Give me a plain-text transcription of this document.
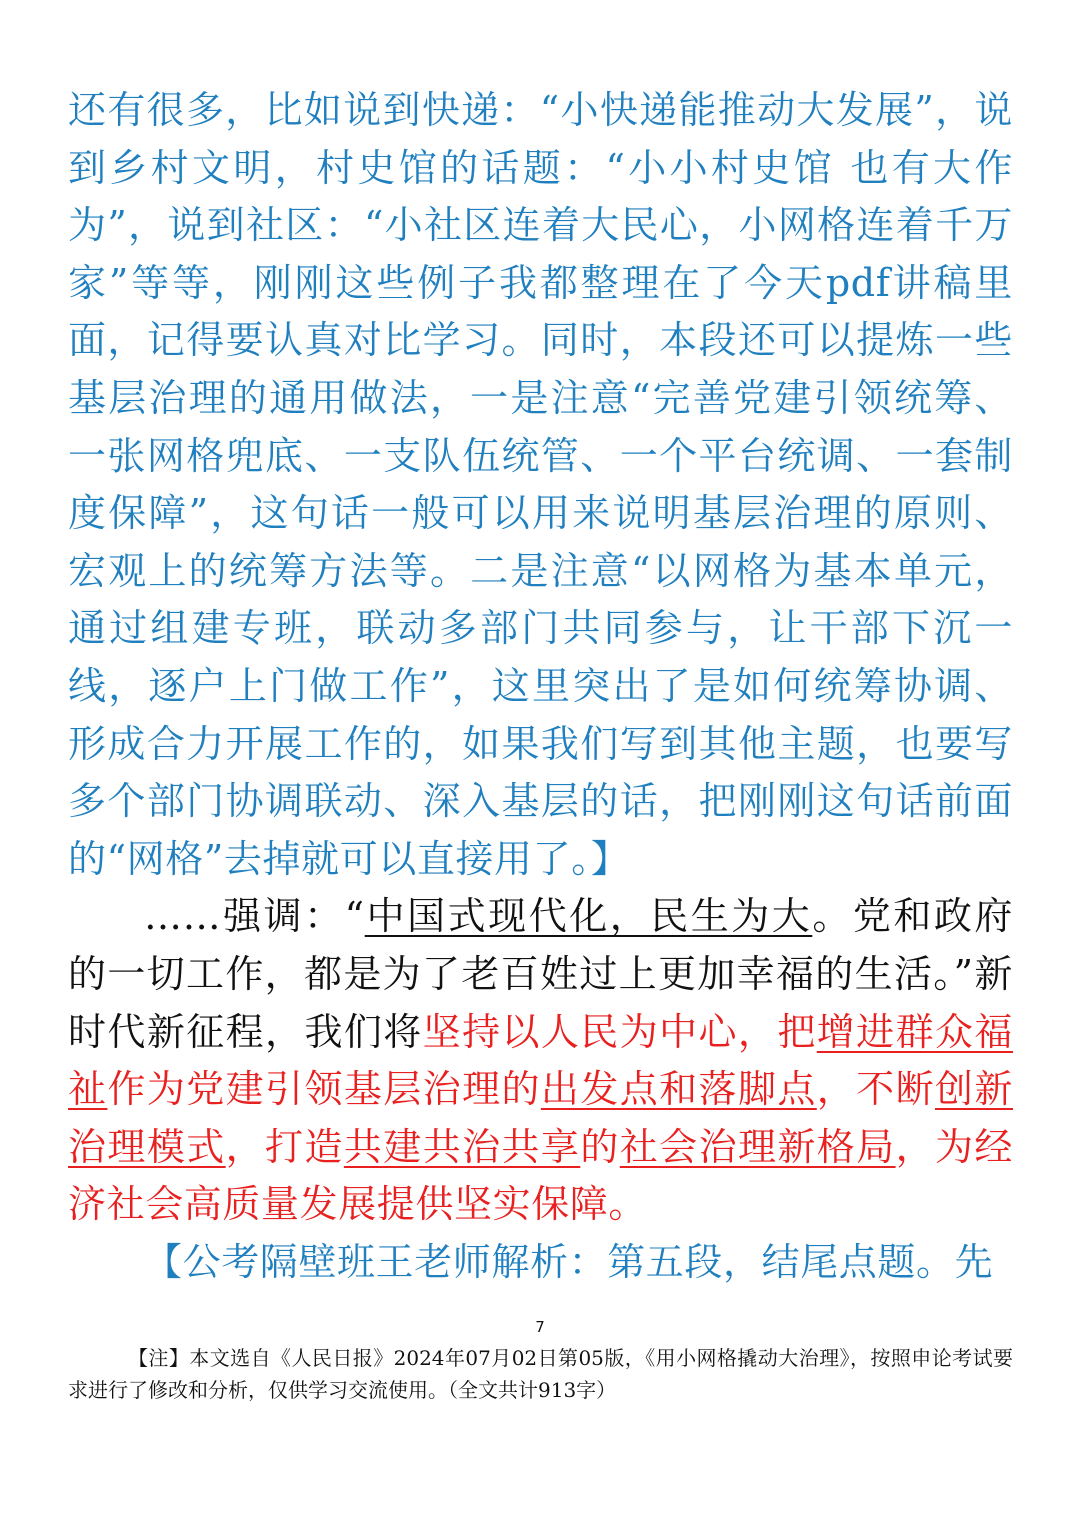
还有很多，比如说到快递：“小快递能推动大发展”，说到乡村文明，村史馆的话题：“小小村史馆 也有大作为”，说到社区：“小社区连着大民心，小网格连着千万家”等等，刚刚这些例子我都整理在了今天pdf讲稿里面，记得要认真对比学习。同时，本段还可以提炼一些基层治理的通用做法，一是注意“完善党建引领统筹、一张网格兜底、一支队伍统管、一个平台统调、一套制度保障”，这句话一般可以用来说明基层治理的原则、宏观上的统筹方法等。二是注意“以网格为基本单元，通过组建专班，联动多部门共同参与，让干部下沉一线，逐户上门做工作”，这里突出了是如何统筹协调、形成合力开展工作的，如果我们写到其他主题，也要写多个部门协调联动、深入基层的话，把刚刚这句话前面的“网格”去掉就可以直接用了。】

……强调：“中国式现代化，民生为大。党和政府的一切工作，都是为了老百姓过上更加幸福的生活。”新时代新征程，我们将坚持以人民为中心，把增进群众福祉作为党建引领基层治理的出发点和落脚点，不断创新治理模式，打造共建共治共享的社会治理新格局，为经济社会高质量发展提供坚实保障。

【公考隔壁班王老师解析：第五段，结尾点题。先

7
【注】本文选自《人民日报》2024年07月02日第05版，《用小网格撬动大治理》，按照申论考试要求进行了修改和分析，仅供学习交流使用。（全文共计913字）
